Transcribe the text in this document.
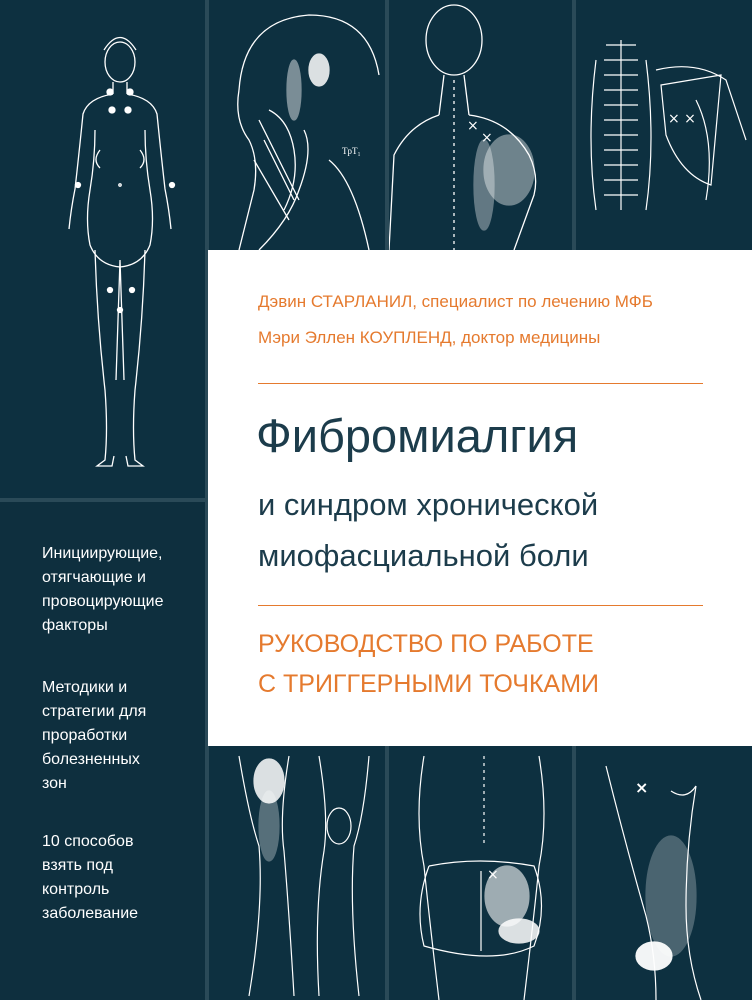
TpT₁
×
×
× ×
×
×
Инициирующие,
отягчающие и
провоцирующие
факторы
Методики и
стратегии для
проработки
болезненных
зон
10 способов
взять под
контроль
заболевание
Дэвин СТАРЛАНИЛ, специалист по лечению МФБ
Мэри Эллен КОУПЛЕНД, доктор медицины
Фибромиалгия
и синдром хронической
миофасциальной боли
РУКОВОДСТВО ПО РАБОТЕ
С ТРИГГЕРНЫМИ ТОЧКАМИ
